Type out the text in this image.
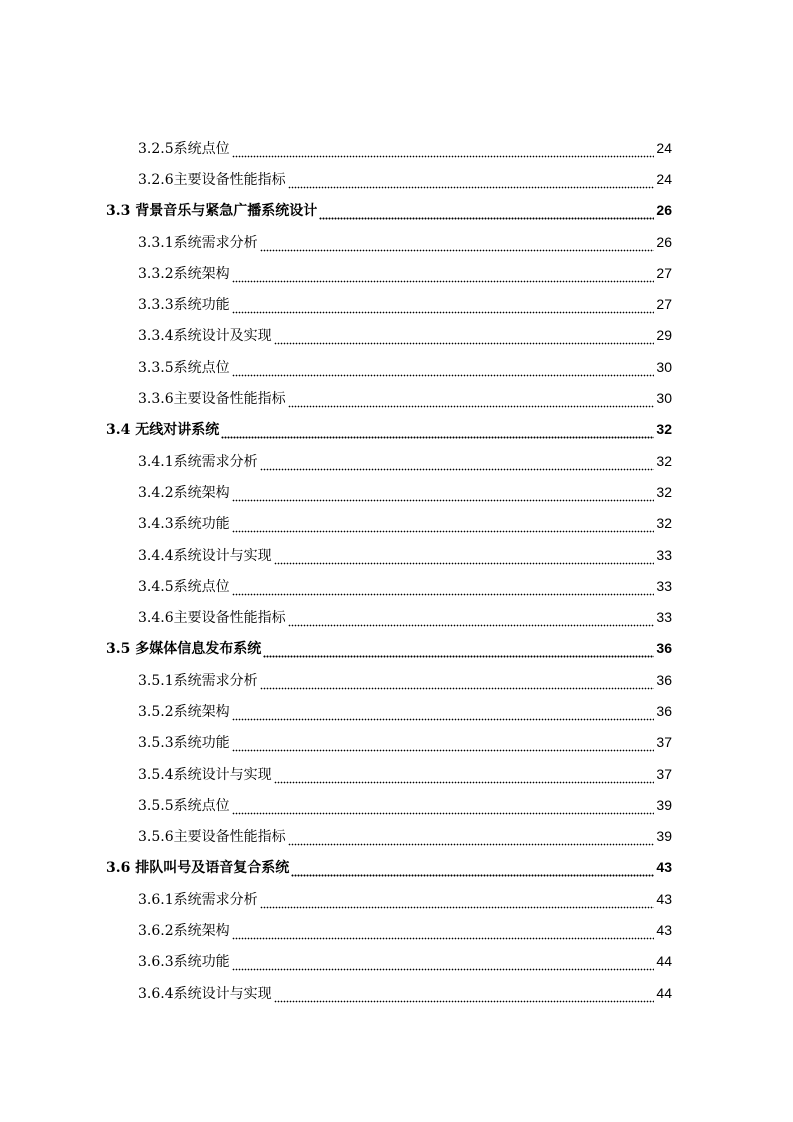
3.2.5系统点位	24
3.2.6主要设备性能指标	24
3.3 背景音乐与紧急广播系统设计	26
3.3.1系统需求分析	26
3.3.2系统架构	27
3.3.3系统功能	27
3.3.4系统设计及实现	29
3.3.5系统点位	30
3.3.6主要设备性能指标	30
3.4 无线对讲系统	32
3.4.1系统需求分析	32
3.4.2系统架构	32
3.4.3系统功能	32
3.4.4系统设计与实现	33
3.4.5系统点位	33
3.4.6主要设备性能指标	33
3.5 多媒体信息发布系统	36
3.5.1系统需求分析	36
3.5.2系统架构	36
3.5.3系统功能	37
3.5.4系统设计与实现	37
3.5.5系统点位	39
3.5.6主要设备性能指标	39
3.6 排队叫号及语音复合系统	43
3.6.1系统需求分析	43
3.6.2系统架构	43
3.6.3系统功能	44
3.6.4系统设计与实现	44
